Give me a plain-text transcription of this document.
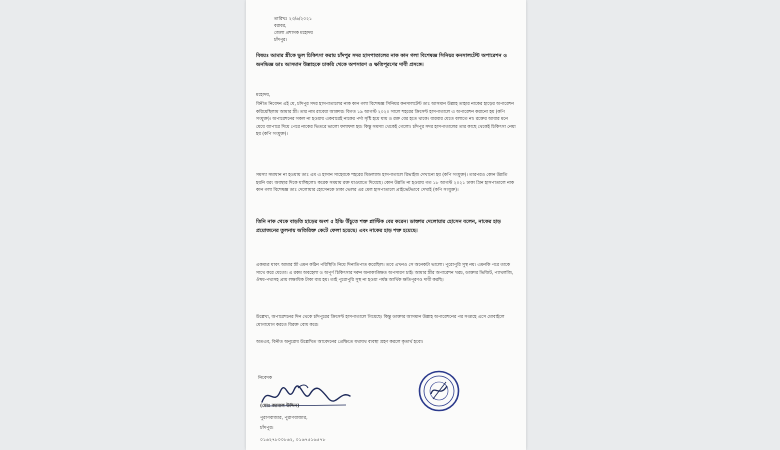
তারিখঃ ২৩/৬/২০২১
বরাবর,
জেলা প্রশাসক মহোদয়
চাঁদপুর।
বিষয়ঃ আমার স্ত্রীকে ভুল চিকিৎসা করায় চাঁদপুর সদর হাসপাতালের নাক কান গলা বিশেষজ্ঞ সিনিয়র কনসালটেন্ট অপারেশন ও অনভিজ্ঞ ডাঃ আসমান উল্লাহকে চাকরি থেকে অপসারণ ও ক্ষতিপূরণের দাবী প্রসঙ্গে।
মহোদয়,
বিনীত নিবেদন এই যে, চাঁদপুর সদর হাসপাতালের নাক কান গলা বিশেষজ্ঞ সিনিয়র কনসালটেন্ট ডাঃ আসমান উল্লাহ তাহার নাকের হাড়ের অপারেশন করিয়েছিলাম আমার স্ত্রী। তার নাম রাবেয়া আক্তার। বিগত ১৯ আগস্ট ২০২০ সালে শহরের ক্রিসেন্ট হাসপাতালে এ অপারেশন করানো হয় (কপি সংযুক্ত)। অপারেশনের সকল না হওয়ায় একবারেই নাকের পর্দা সৃষ্টি হয়ে যায় ও রক্ত বের হতে থাকে। বারবার যেতে বলাতে না। রক্তের আবার মনে যেয়ে ব্যাপারে দিয়ে পেরে নাকের ভিতরে ভালো ফলাফল হয়। কিন্তু সমস্যা থেকেই গেলো। চাঁদপুর সদর হাসপাতালের তার কাছে থেকেই চিকিৎসা নেয়া হয় (কপি সংযুক্ত)।
সমস্যা সমাধান না হওয়ায় ডাঃ এম এ হাসান সাহেবকে শহরের মিডল্যান্ড হাসপাতালে রিভাইজ দেখানো হয় (কপি সংযুক্ত)। তারপরও কোন উন্নতি হয়নি বরং অবস্থার দিকে যাচ্ছিলো। করেক সময়ায় রক্ত যাওয়াতে দিয়েছে। কোন উন্নতি না হওয়ায় গত ১৮ আগস্ট ২০২১ ঢাকা গ্রিন হাসপাতালে নাক কান গলা বিশেষজ্ঞ ডাঃ দেলোয়ার হোসেনকে ঢাকা ভেলর এর মেল হাসপাতালে প্রাইভেটভাবে দেখাই (কপি সংযুক্ত)।
তিনি নাক থেকে বাড়তি হাড়ের অংশ ৫ ইঞ্চি উঁচুতে শক্ত প্লাস্টিক বের করেন। ডাক্তার দেলোয়ার হোসেন বলেন, নাকের হাড় প্রয়োজনের তুলনায় অতিরিক্ত কেটে ফেলা হয়েছে। এবং নাকের হাড় শক্ত হয়েছে।
একমাত্র যাবৎ আমার স্ত্রী এমন কঠিন পরিস্থিতি নিয়ে দিনাতিপাত করেছিল। তবে এখনও সে অনেকটা ভালো। পুরোপুরি সুস্থ নয়। এমনকি পরে তাকে সাথে করে যেতো। এ রকম অবহেলা ও অপূর্ণ চিকিৎসার দরুন অনাকাঙ্ক্ষিত অপসারণ চাই। আমার স্ত্রীর অপারেশন খরচ, ডাক্তার ভিজিট, প্যাথলজি, ঔষধ-পথ্যসহ প্রায় লক্ষাধিক টাকা ব্যয় হয়। তাই পুরোপুরি সুস্থ না হওয়া পর্যন্ত আর্থিক ক্ষতিপূরণও দাবী করছি।
উল্লেখ্য, অপারেশনের দিন থেকে চাঁদপুরের ক্রিসেন্ট হাসপাতালে গিয়েছে। কিন্তু ডাক্তার আসমান উল্লাহ অপারেশনের পর সপ্তাহে এসে মোবাইলে যোগাযোগ করতে বিরক্ত বোধ করে।
অতএব, বিনীত অনুরোধ উল্লেখিত আবেদনের প্রেক্ষিতে যথাযথ ব্যবস্থা গ্রহণ করলে কৃতার্থ হবো।
নিবেদক
(মোঃ জামাল উদ্দিন)
পুরাণবাজার, পুরাণবাজার,
চাঁদপুর।
০১৬২৭৮০০৮৬২, ০১৬৭৫১৬৫৭৮
